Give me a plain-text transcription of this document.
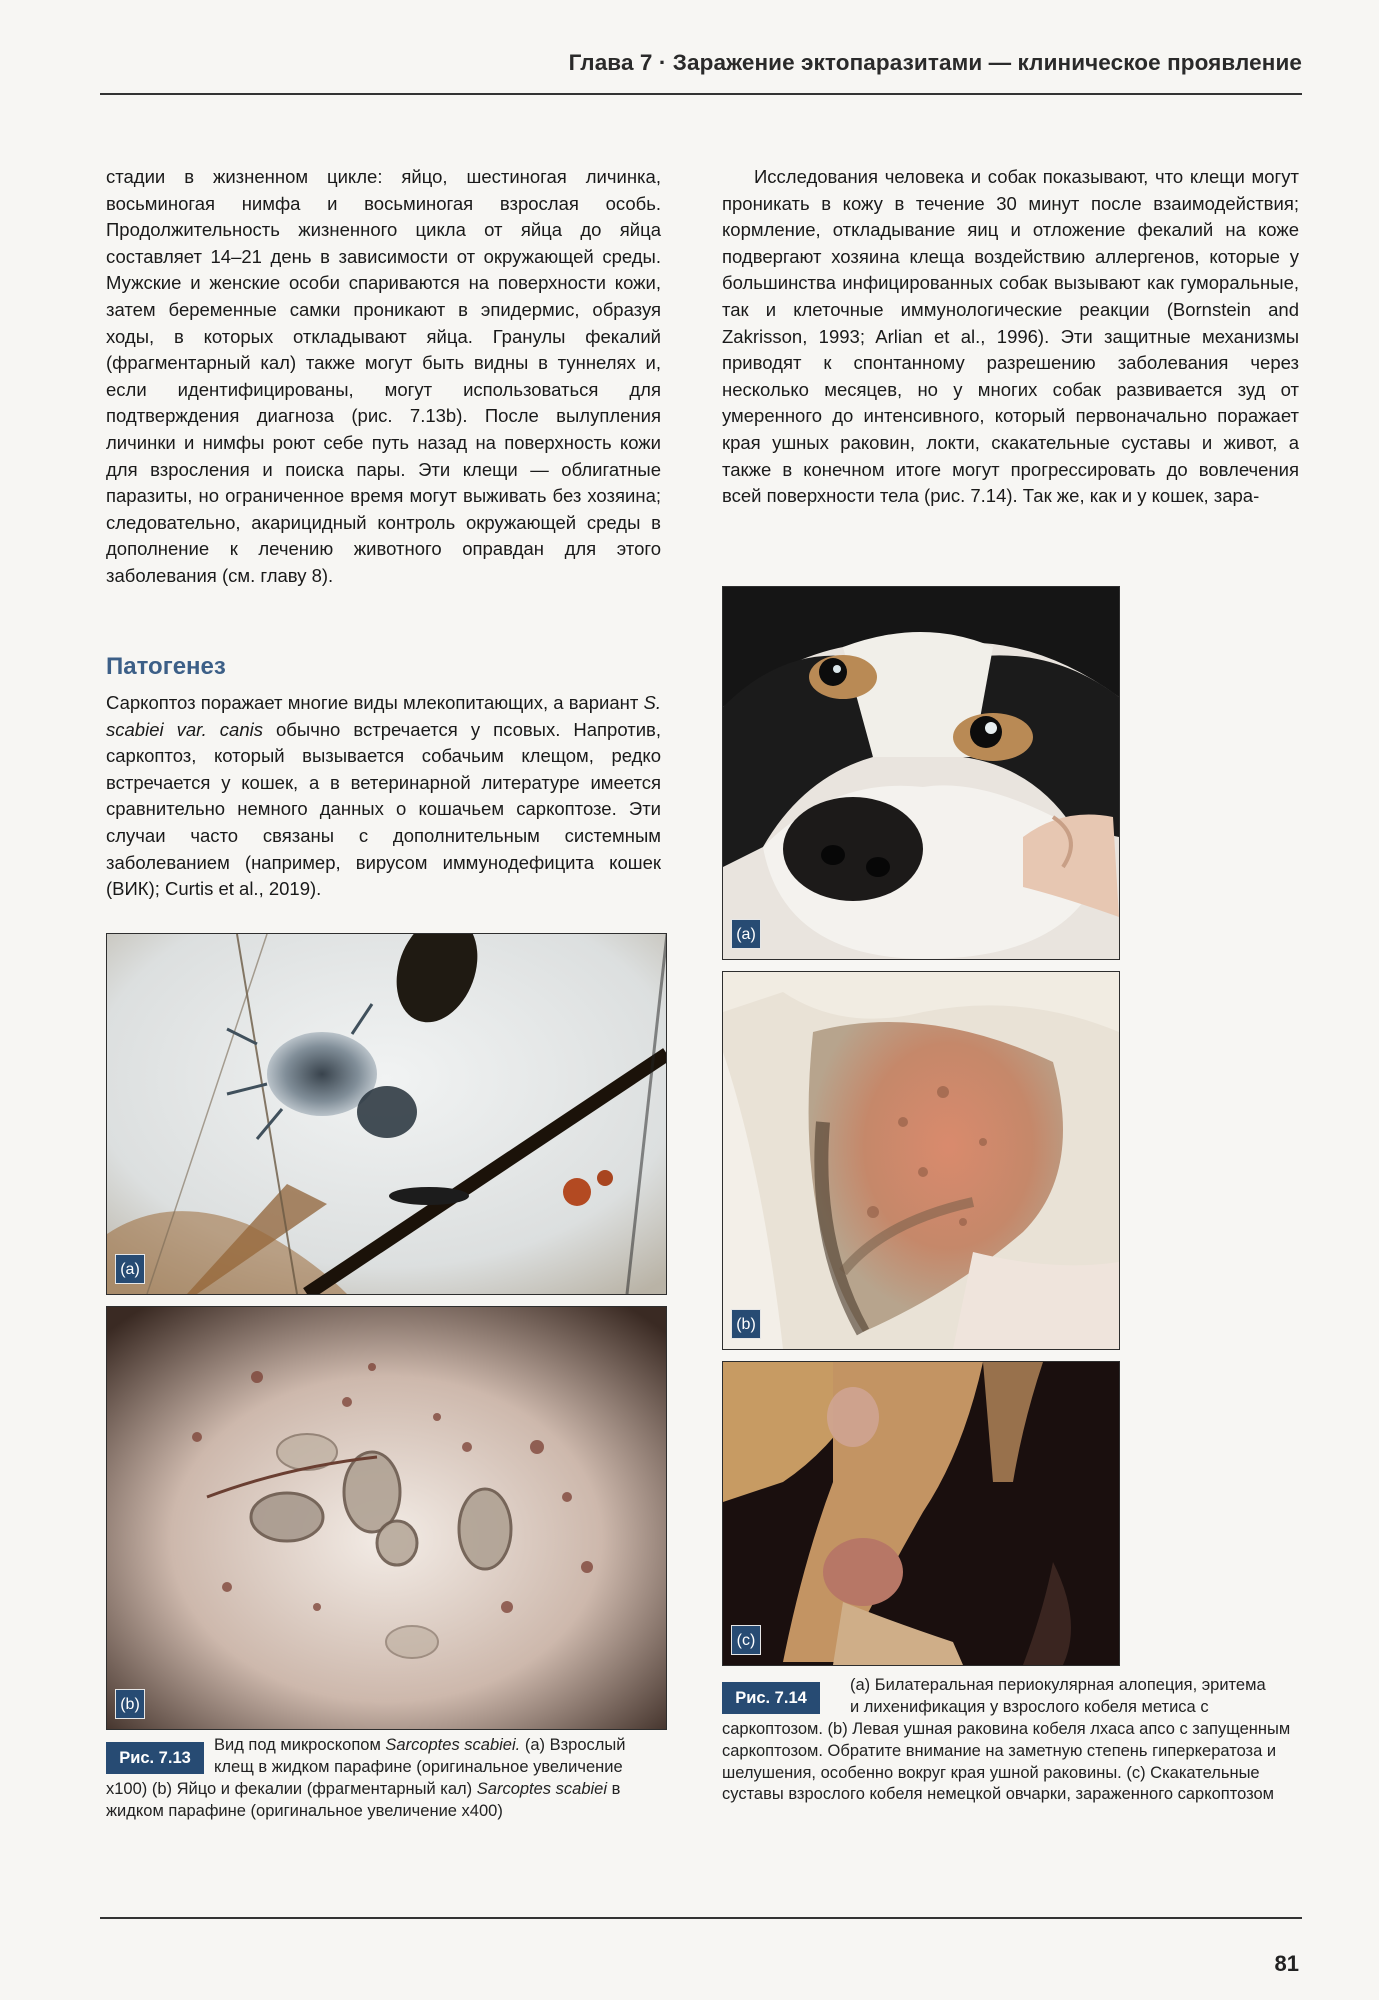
Глава 7 · Заражение эктопаразитами — клиническое проявление

стадии в жизненном цикле: яйцо, шестиногая личинка, восьминогая нимфа и восьминогая взрослая особь. Продолжительность жизненного цикла от яйца до яйца составляет 14–21 день в зависимости от окружающей среды. Мужские и женские особи спариваются на поверхности кожи, затем беременные самки проникают в эпидермис, образуя ходы, в которых откладывают яйца. Гранулы фекалий (фрагментарный кал) также могут быть видны в туннелях и, если идентифицированы, могут использоваться для подтверждения диагноза (рис. 7.13b). После вылупления личинки и нимфы роют себе путь назад на поверхность кожи для взросления и поиска пары. Эти клещи — облигатные паразиты, но ограниченное время могут выживать без хозяина; следовательно, акарицидный контроль окружающей среды в дополнение к лечению животного оправдан для этого заболевания (см. главу 8).

Патогенез

Саркоптоз поражает многие виды млекопитающих, а вариант S. scabiei var. canis обычно встречается у псовых. Напротив, саркоптоз, который вызывается собачьим клещом, редко встречается у кошек, а в ветеринарной литературе имеется сравнительно немного данных о кошачьем саркоптозе. Эти случаи часто связаны с дополнительным системным заболеванием (например, вирусом иммунодефицита кошек (ВИК); Curtis et al., 2019).

Исследования человека и собак показывают, что клещи могут проникать в кожу в течение 30 минут после взаимодействия; кормление, откладывание яиц и отложение фекалий на коже подвергают хозяина клеща воздействию аллергенов, которые у большинства инфицированных собак вызывают как гуморальные, так и клеточные иммунологические реакции (Bornstein and Zakrisson, 1993; Arlian et al., 1996). Эти защитные механизмы приводят к спонтанному разрешению заболевания через несколько месяцев, но у многих собак развивается зуд от умеренного до интенсивного, который первоначально поражает края ушных раковин, локти, скакательные суставы и живот, а также в конечном итоге могут прогрессировать до вовлечения всей поверхности тела (рис. 7.14). Так же, как и у кошек, зара-

(a)
(b)
Рис. 7.13
Вид под микроскопом Sarcoptes scabiei. (a) Взрослый
клещ в жидком парафине (оригинальное увеличение
x100) (b) Яйцо и фекалии (фрагментарный кал) Sarcoptes scabiei в
жидком парафине (оригинальное увеличение x400)
(a)
(b)
(c)
Рис. 7.14
(a) Билатеральная периокулярная алопеция, эритема
и лихенификация у взрослого кобеля метиса с

саркоптозом. (b) Левая ушная раковина кобеля лхаса апсо с запущенным саркоптозом. Обратите внимание на заметную степень гиперкератоза и шелушения, особенно вокруг края ушной раковины. (c) Скакательные суставы взрослого кобеля немецкой овчарки, зараженного саркоптозом

81
